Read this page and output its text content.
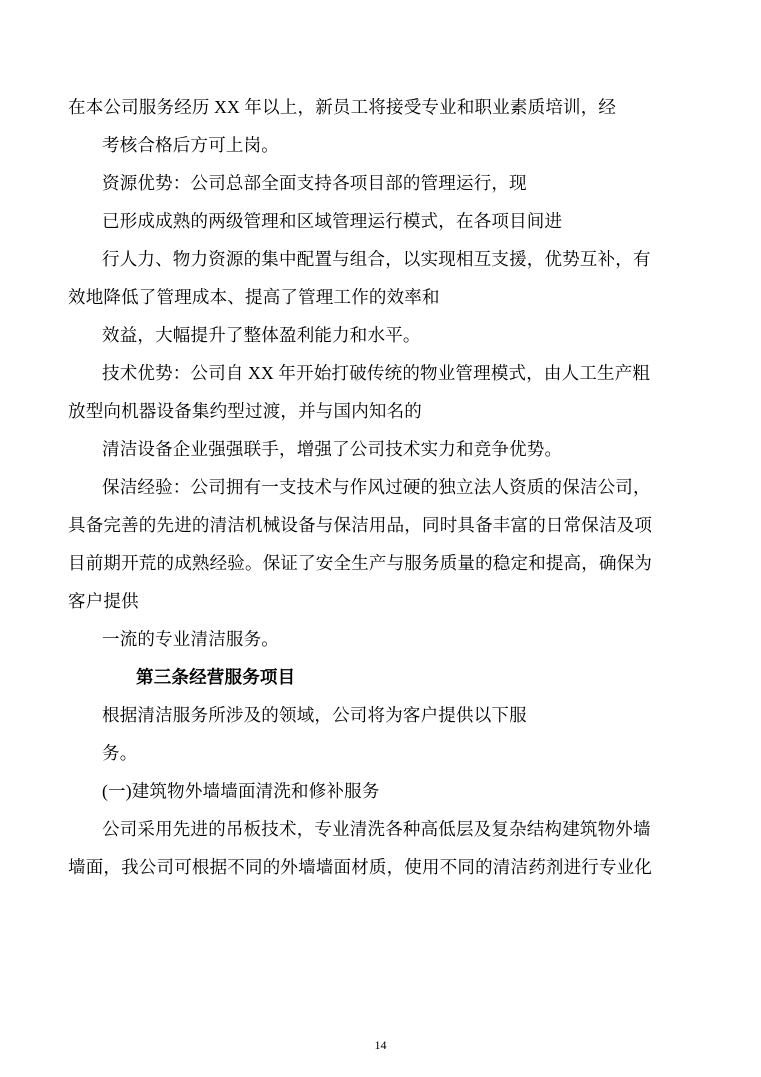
在本公司服务经历 XX 年以上，新员工将接受专业和职业素质培训，经

考核合格后方可上岗。

资源优势：公司总部全面支持各项目部的管理运行，现

已形成成熟的两级管理和区域管理运行模式，在各项目间进

行人力、物力资源的集中配置与组合，以实现相互支援，优势互补，有

效地降低了管理成本、提高了管理工作的效率和

效益，大幅提升了整体盈利能力和水平。

技术优势：公司自 XX 年开始打破传统的物业管理模式，由人工生产粗

放型向机器设备集约型过渡，并与国内知名的

清洁设备企业强强联手，增强了公司技术实力和竞争优势。

保洁经验：公司拥有一支技术与作风过硬的独立法人资质的保洁公司，

具备完善的先进的清洁机械设备与保洁用品，同时具备丰富的日常保洁及项

目前期开荒的成熟经验。保证了安全生产与服务质量的稳定和提高，确保为

客户提供

一流的专业清洁服务。

第三条经营服务项目

根据清洁服务所涉及的领域，公司将为客户提供以下服

务。

(一)建筑物外墙墙面清洗和修补服务

公司采用先进的吊板技术，专业清洗各种高低层及复杂结构建筑物外墙

墙面，我公司可根据不同的外墙墙面材质，使用不同的清洁药剂进行专业化

14
